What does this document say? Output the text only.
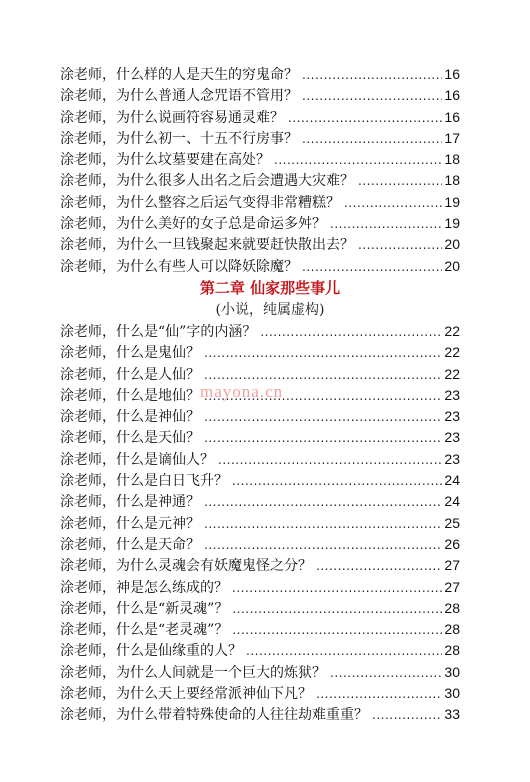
涂老师，什么样的人是天生的穷鬼命？ .....	16
涂老师，为什么普通人念咒语不管用？ .....	16
涂老师，为什么说画符容易通灵难？ .....	16
涂老师，为什么初一、十五不行房事？ .....	17
涂老师，为什么坟墓要建在高处？ .....	18
涂老师，为什么很多人出名之后会遭遇大灾难？ .....	18
涂老师，为什么整容之后运气变得非常糟糕？ .....	19
涂老师，为什么美好的女子总是命运多舛？ .....	19
涂老师，为什么一旦钱聚起来就要赶快散出去？ .....	20
涂老师，为什么有些人可以降妖除魔？ .....	20
第二章 仙家那些事儿
(小说，纯属虚构)
涂老师，什么是“仙”字的内涵？ .....	22
涂老师，什么是鬼仙？ .....	22
涂老师，什么是人仙？ .....	22
涂老师，什么是地仙？ .....	23
涂老师，什么是神仙？ .....	23
涂老师，什么是天仙？ .....	23
涂老师，什么是谪仙人？ .....	23
涂老师，什么是白日飞升？ .....	24
涂老师，什么是神通？ .....	24
涂老师，什么是元神？ .....	25
涂老师，什么是天命？ .....	26
涂老师，为什么灵魂会有妖魔鬼怪之分？ .....	27
涂老师，神是怎么练成的？ .....	27
涂老师，什么是“新灵魂”？ .....	28
涂老师，什么是“老灵魂”？ .....	28
涂老师，什么是仙缘重的人？ .....	28
涂老师，为什么人间就是一个巨大的炼狱？ .....	30
涂老师，为什么天上要经常派神仙下凡？ .....	30
涂老师，为什么带着特殊使命的人往往劫难重重？ .....	33
mayona.cn
